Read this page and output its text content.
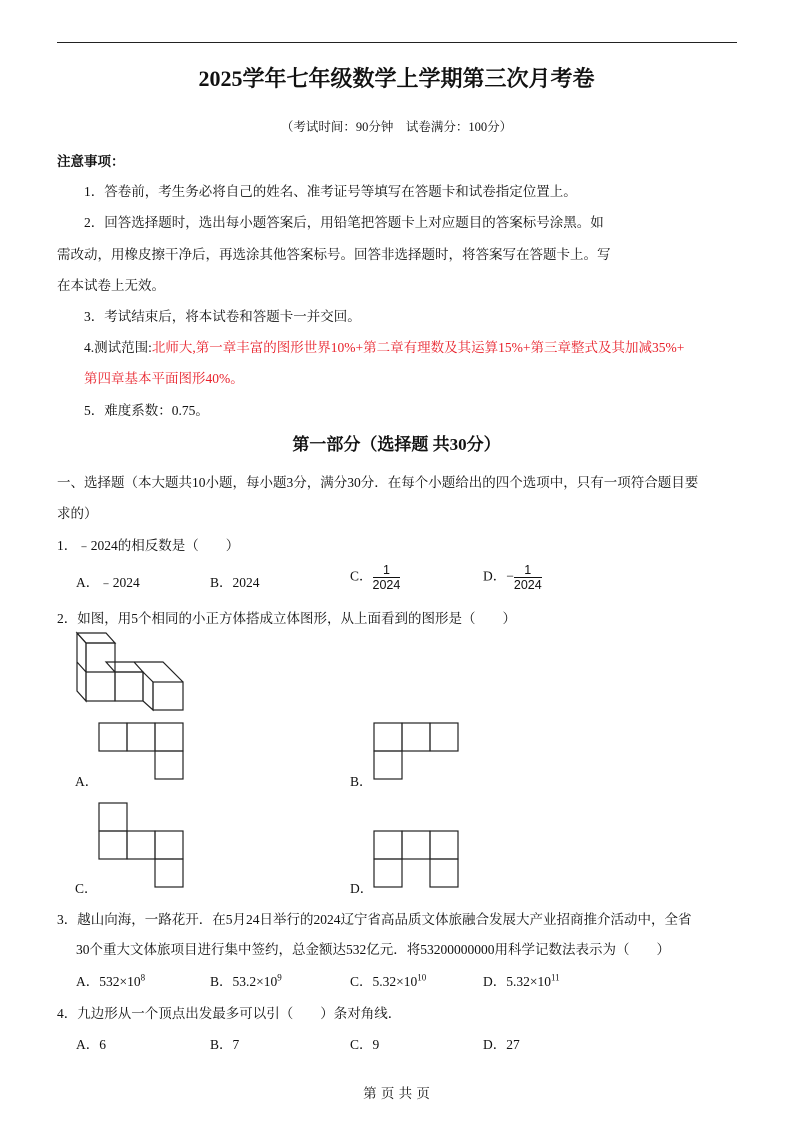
2025学年七年级数学上学期第三次月考卷
（考试时间：90分钟　试卷满分：100分）
注意事项：
1．答卷前，考生务必将自己的姓名、准考证号等填写在答题卡和试卷指定位置上。
2．回答选择题时，选出每小题答案后，用铅笔把答题卡上对应题目的答案标号涂黑。如
需改动，用橡皮擦干净后，再选涂其他答案标号。回答非选择题时，将答案写在答题卡上。写
在本试卷上无效。
3．考试结束后，将本试卷和答题卡一并交回。
4.测试范围:北师大,第一章丰富的图形世界10%+第二章有理数及其运算15%+第三章整式及其加减35%+
第四章基本平面图形40%。
5．难度系数：0.75。
第一部分（选择题 共30分）
一、选择题（本大题共10小题，每小题3分，满分30分．在每个小题给出的四个选项中，只有一项符合题目要
求的）
1．﹣2024的相反数是（　　）
A．﹣2024	B．2024	C． $\frac{1}{2024}$	D．− $\frac{1}{2024}$
2．如图，用5个相同的小正方体搭成立体图形，从上面看到的图形是（　　）
A．	B．
C．	D．
3．越山向海，一路花开．在5月24日举行的2024辽宁省高品质文体旅融合发展大产业招商推介活动中，全省
30个重大文体旅项目进行集中签约，总金额达532亿元．将53200000000用科学记数法表示为（　　）
A．$532\times 10^8$	B．$53.2\times 10^9$	C．$5.32\times 10^{10}$	D．$5.32\times 10^{11}$
4．九边形从一个顶点出发最多可以引（　　）条对角线．
A．6	B．7	C．9	D．27
第 页 共 页
